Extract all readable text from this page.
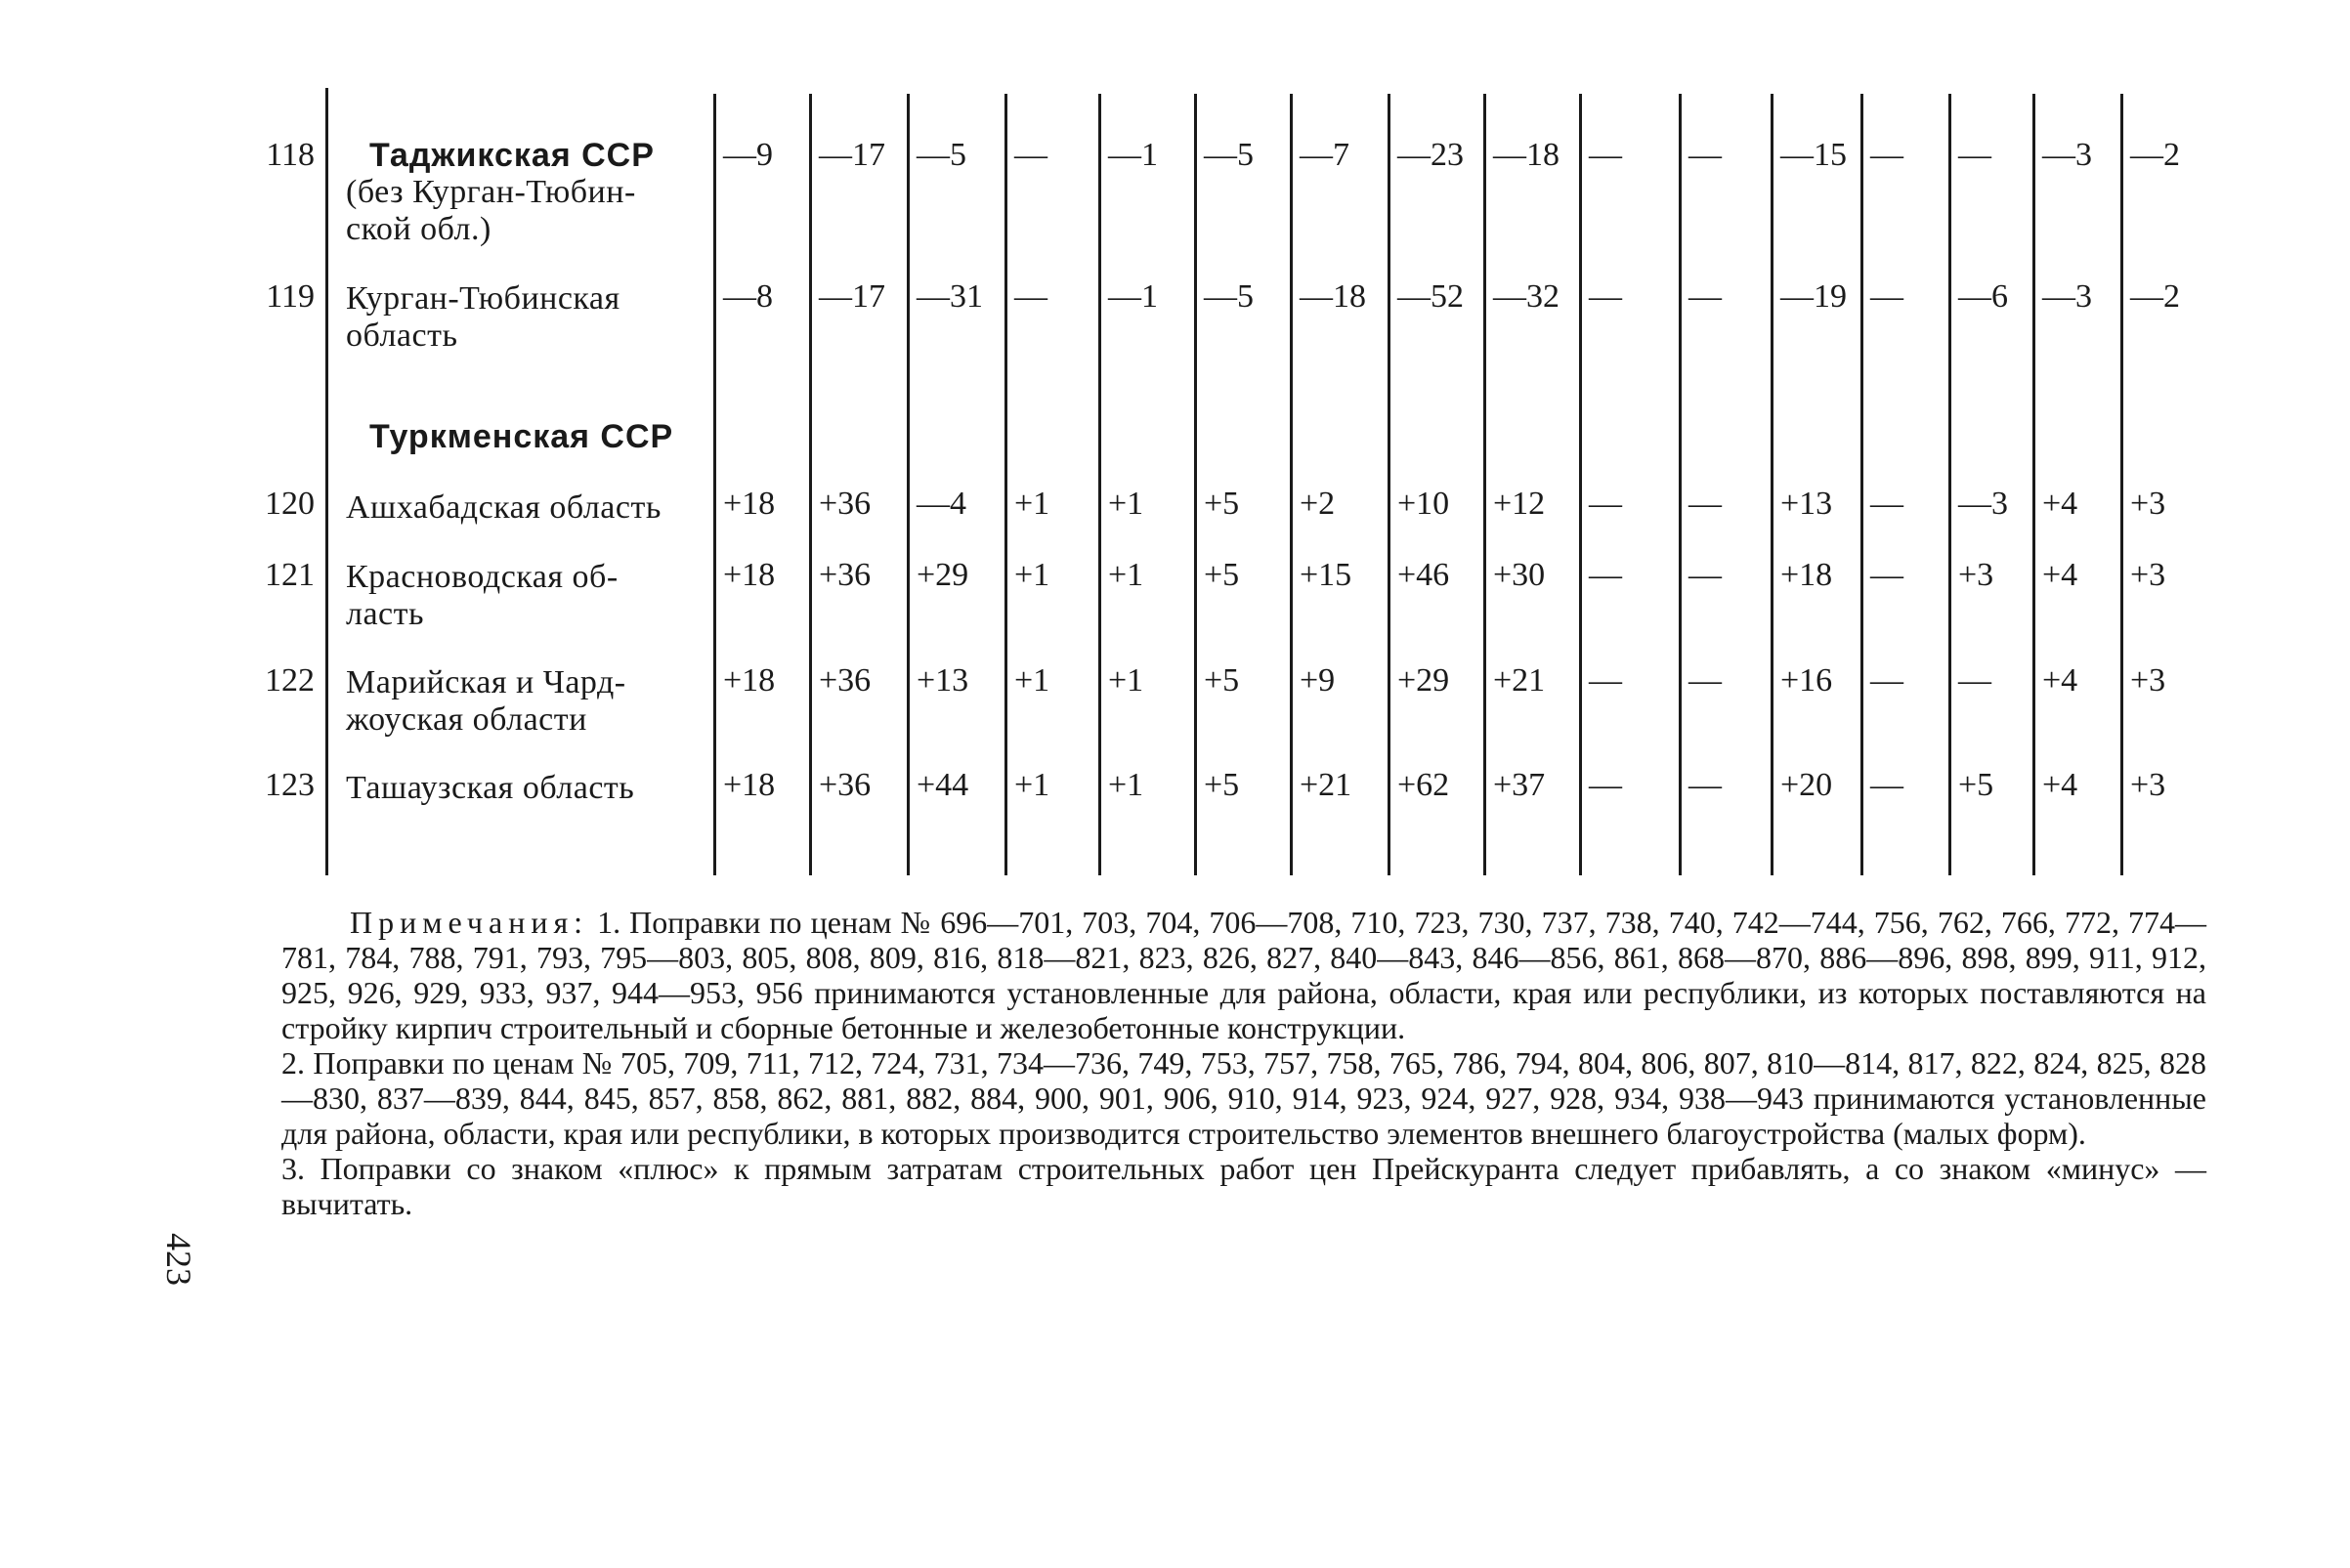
Таджикская ССР
Туркменская ССР
118
119
120
121
122
123
(без Курган-Тюбин-
ской обл.)
Курган-Тюбинская
область
Ашхабадская область
Красноводская об-
ласть
Марийская и Чард-
жоуская области
Ташаузская область
—9 —17 —5 — —1 —5 —7 —23 —18 — — —15 — — —3 —2
—8 —17 —31 — —1 —5 —18 —52 —32 — — —19 — —6 —3 —2
+18 +36 —4 +1 +1 +5 +2 +10 +12 — — +13 — —3 +4 +3
+18 +36 +29 +1 +1 +5 +15 +46 +30 — — +18 — +3 +4 +3
+18 +36 +13 +1 +1 +5 +9 +29 +21 — — +16 — — +4 +3
+18 +36 +44 +1 +1 +5 +21 +62 +37 — — +20 — +5 +4 +3

Примечания: 1. Поправки по ценам № 696—701, 703, 704, 706—708, 710, 723, 730, 737, 738, 740, 742—744, 756, 762, 766, 772, 774—781, 784, 788, 791, 793, 795—803, 805, 808, 809, 816, 818—821, 823, 826, 827, 840—843, 846—856, 861, 868—870, 886—896, 898, 899, 911, 912, 925, 926, 929, 933, 937, 944—953, 956 принимаются установленные для района, области, края или республики, из которых поставляются на стройку кирпич строительный и сборные бетонные и железобетонные конструкции.

2. Поправки по ценам № 705, 709, 711, 712, 724, 731, 734—736, 749, 753, 757, 758, 765, 786, 794, 804, 806, 807, 810—814, 817, 822, 824, 825, 828—830, 837—839, 844, 845, 857, 858, 862, 881, 882, 884, 900, 901, 906, 910, 914, 923, 924, 927, 928, 934, 938—943 принимаются установленные для района, области, края или республики, в которых производится строительство элементов внешнего благоустройства (малых форм).

3. Поправки со знаком «плюс» к прямым затратам строительных работ цен Прейскуранта следует прибавлять, а со знаком «минус» — вычитать.

423
